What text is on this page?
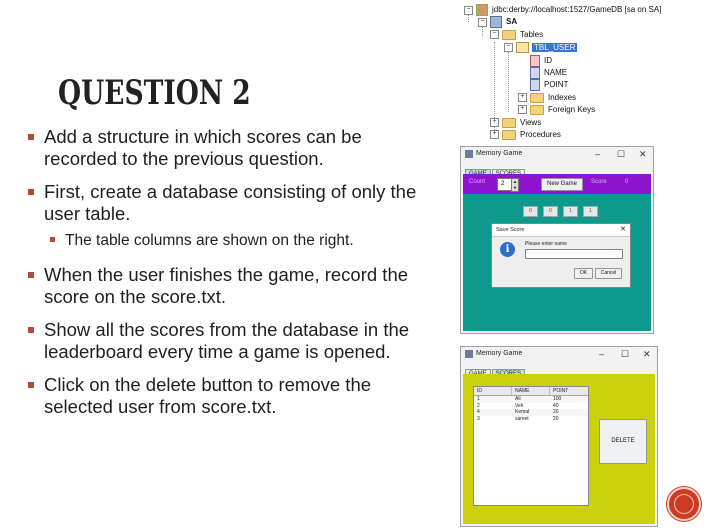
QUESTION 2
Add a structure in which scores can be recorded to the previous question.
First, create a database consisting of only the user table.
The table columns are shown on the right.
When the user finishes the game, record the score on the score.txt.
Show all the scores from the database in the leaderboard every time a game is opened.
Click on the delete button to remove the selected user from score.txt.
−	jdbc:derby://localhost:1527/GameDB [sa on SA]
−	SA
−	Tables
−	TBL_USER
ID
NAME
POINT
+	Indexes
+	Foreign Keys
+	Views
+	Procedures
Memory Game	– ☐ ✕
Count	2	▲
▼
New Game	Score	0
0	0	1	1
Save Score	✕
i	Please enter name
OK	Cancel
Memory Game	– ☐ ✕
ID	NAME	POINT
1	Ali	100
2	Veli	40
4	Kemal	20
3	samet	20
DELETE
